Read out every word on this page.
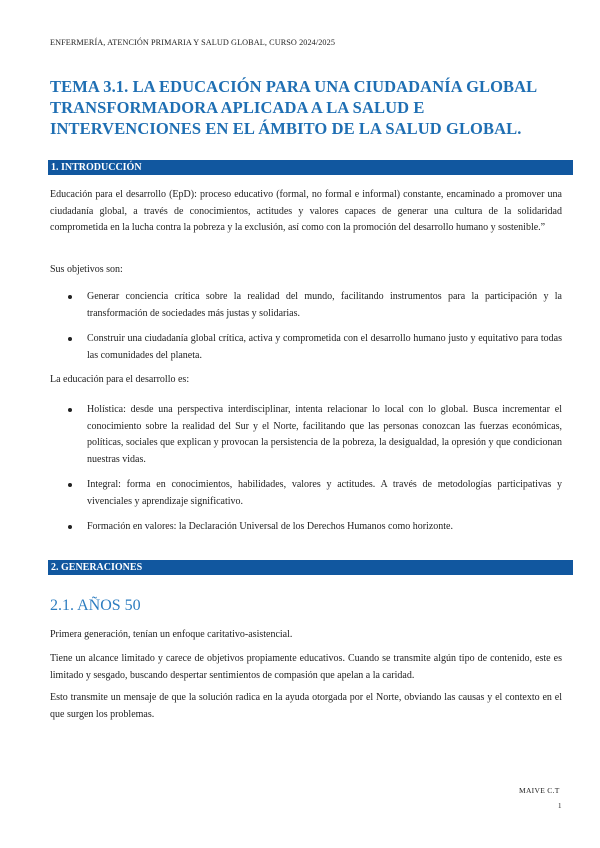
ENFERMERÍA, ATENCIÓN PRIMARIA Y SALUD GLOBAL, CURSO 2024/2025
TEMA 3.1. LA EDUCACIÓN PARA UNA CIUDADANÍA GLOBAL TRANSFORMADORA APLICADA A LA SALUD E INTERVENCIONES EN EL ÁMBITO DE LA SALUD GLOBAL.
1. INTRODUCCIÓN

Educación para el desarrollo (EpD): proceso educativo (formal, no formal e informal) constante, encaminado a promover una ciudadanía global, a través de conocimientos, actitudes y valores capaces de generar una cultura de la solidaridad comprometida en la lucha contra la pobreza y la exclusión, así como con la promoción del desarrollo humano y sostenible.”

Sus objetivos son:

Generar conciencia crítica sobre la realidad del mundo, facilitando instrumentos para la participación y la transformación de sociedades más justas y solidarias.
Construir una ciudadanía global crítica, activa y comprometida con el desarrollo humano justo y equitativo para todas las comunidades del planeta.

La educación para el desarrollo es:

Holística: desde una perspectiva interdisciplinar, intenta relacionar lo local con lo global. Busca incrementar el conocimiento sobre la realidad del Sur y el Norte, facilitando que las personas conozcan las fuerzas económicas, políticas, sociales que explican y provocan la persistencia de la pobreza, la desigualdad, la opresión y que condicionan nuestras vidas.
Integral: forma en conocimientos, habilidades, valores y actitudes. A través de metodologías participativas y vivenciales y aprendizaje significativo.
Formación en valores: la Declaración Universal de los Derechos Humanos como horizonte.
2. GENERACIONES
2.1. AÑOS 50

Primera generación, tenían un enfoque caritativo-asistencial.

Tiene un alcance limitado y carece de objetivos propiamente educativos. Cuando se transmite algún tipo de contenido, este es limitado y sesgado, buscando despertar sentimientos de compasión que apelan a la caridad.

Esto transmite un mensaje de que la solución radica en la ayuda otorgada por el Norte, obviando las causas y el contexto en el que surgen los problemas.

MAIVE C.T
1
